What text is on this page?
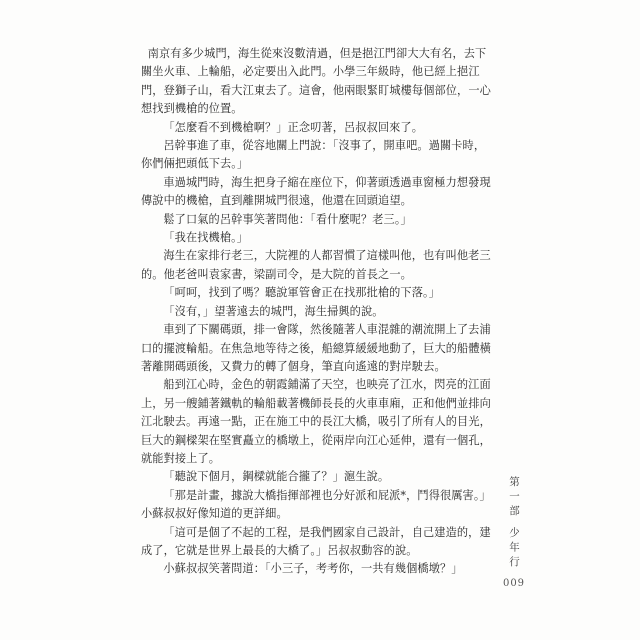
南京有多少城門，海生從來沒數清過，但是挹江門卻大大有名，去下關坐火車、上輪船，必定要出入此門。小學三年級時，他已經上挹江門，登獅子山，看大江東去了。這會，他兩眼緊盯城樓每個部位，一心想找到機槍的位置。

「怎麼看不到機槍啊？」正念叨著，呂叔叔回來了。

呂幹事進了車，從容地關上門說：「沒事了，開車吧。過關卡時，你們倆把頭低下去。」

車過城門時，海生把身子縮在座位下，仰著頭透過車窗極力想發現傳說中的機槍，直到離開城門很遠，他還在回頭追望。

鬆了口氣的呂幹事笑著問他：「看什麼呢？老三。」

「我在找機槍。」

海生在家排行老三，大院裡的人都習慣了這樣叫他，也有叫他老三的。他老爸叫袁家書，梁副司令，是大院的首長之一。

「呵呵，找到了嗎？聽說軍管會正在找那批槍的下落。」

「沒有，」望著遠去的城門，海生掃興的說。

車到了下關碼頭，排一會隊，然後隨著人車混雜的潮流開上了去浦口的擺渡輪船。在焦急地等待之後，船總算緩緩地動了，巨大的船體橫著離開碼頭後，又費力的轉了個身，筆直向遙遠的對岸駛去。

船到江心時，金色的朝霞鋪滿了天空，也映亮了江水，閃亮的江面上，另一艘鋪著鐵軌的輪船載著機師長長的火車車廂，正和他們並排向江北駛去。再遠一點，正在施工中的長江大橋，吸引了所有人的目光，巨大的鋼樑架在堅實矗立的橋墩上，從兩岸向江心延伸，還有一個孔，就能對接上了。

「聽說下個月，鋼樑就能合攏了？」滬生說。

「那是計畫，據說大橋指揮部裡也分好派和屁派*，鬥得很厲害。」小蘇叔叔好像知道的更詳細。

「這可是個了不起的工程，是我們國家自己設計，自己建造的，建成了，它就是世界上最長的大橋了。」呂叔叔動容的說。

小蘇叔叔笑著問道：「小三子，考考你，一共有幾個橋墩？」

第一部 少年行
009
